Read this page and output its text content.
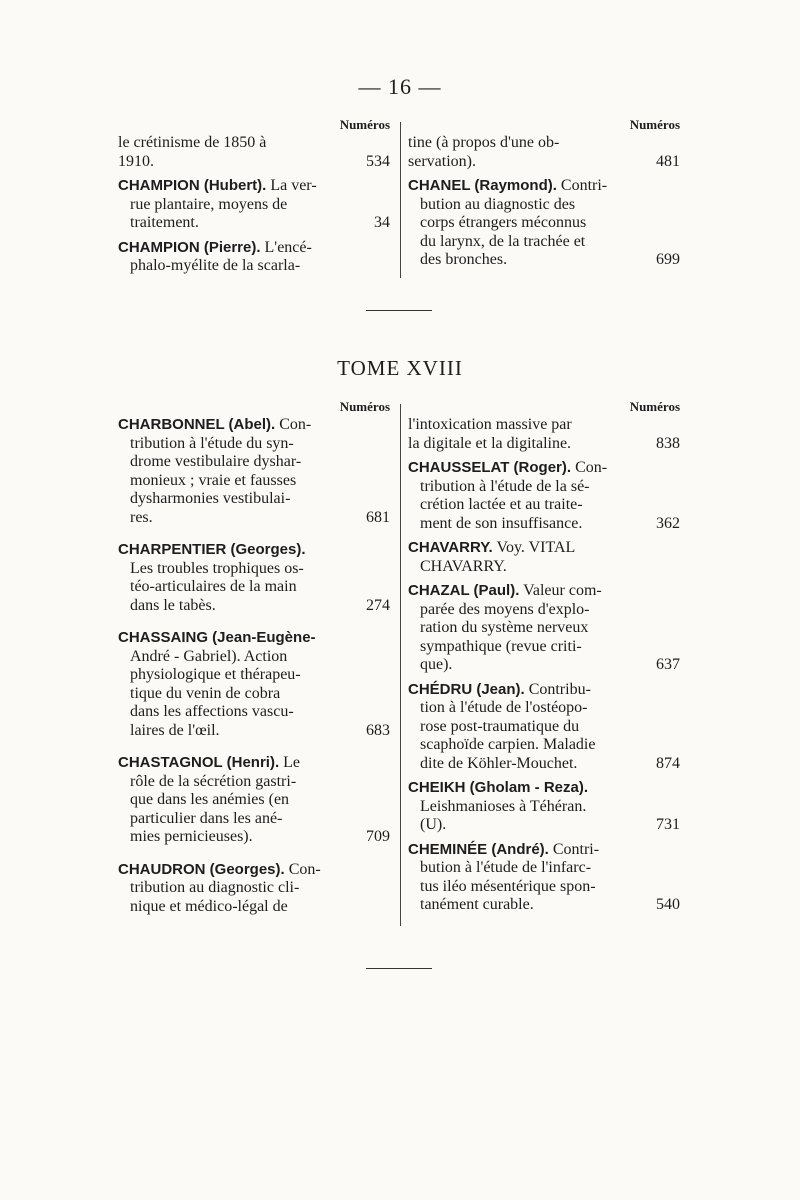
— 16 —
Numéros
le crétinisme de 1850 à
1910.	534
CHAMPION (Hubert). La ver-
rue plantaire, moyens de
traitement.	34
CHAMPION (Pierre). L'encé-
phalo-myélite de la scarla-
Numéros
tine (à propos d'une ob-
servation).	481
CHANEL (Raymond). Contri-
bution au diagnostic des
corps étrangers méconnus
du larynx, de la trachée et
des bronches.	699
TOME XVIII
Numéros
CHARBONNEL (Abel). Con-
tribution à l'étude du syn-
drome vestibulaire dyshar-
monieux ; vraie et fausses
dysharmonies vestibulai-
res.	681
CHARPENTIER (Georges).
Les troubles trophiques os-
téo-articulaires de la main
dans le tabès.	274
CHASSAING (Jean-Eugène-
André - Gabriel). Action
physiologique et thérapeu-
tique du venin de cobra
dans les affections vascu-
laires de l'œil.	683
CHASTAGNOL (Henri). Le
rôle de la sécrétion gastri-
que dans les anémies (en
particulier dans les ané-
mies pernicieuses).	709
CHAUDRON (Georges). Con-
tribution au diagnostic cli-
nique et médico-légal de
Numéros
l'intoxication massive par
la digitale et la digitaline.	838
CHAUSSELAT (Roger). Con-
tribution à l'étude de la sé-
crétion lactée et au traite-
ment de son insuffisance.	362
CHAVARRY. Voy. VITAL
CHAVARRY.
CHAZAL (Paul). Valeur com-
parée des moyens d'explo-
ration du système nerveux
sympathique (revue criti-
que).	637
CHÉDRU (Jean). Contribu-
tion à l'étude de l'ostéopo-
rose post-traumatique du
scaphoïde carpien. Maladie
dite de Köhler-Mouchet.	874
CHEIKH (Gholam - Reza).
Leishmanioses à Téhéran.
(U).	731
CHEMINÉE (André). Contri-
bution à l'étude de l'infarc-
tus iléo mésentérique spon-
tanément curable.	540
